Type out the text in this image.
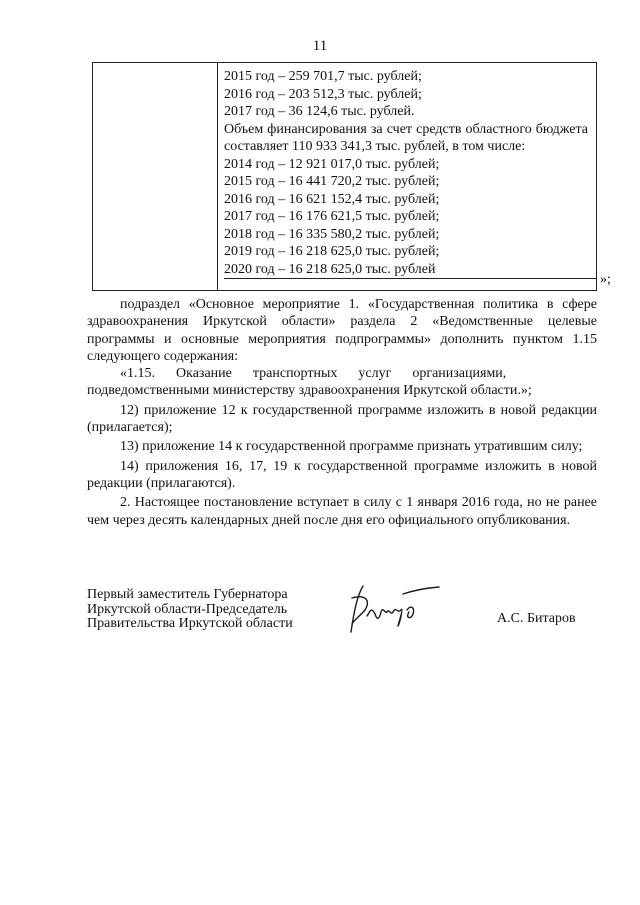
11

2015 год – 259 701,7 тыс. рублей;

2016 год – 203 512,3 тыс. рублей;

2017 год – 36 124,6 тыс. рублей.

Объем финансирования за счет средств областного бюджета составляет 110 933 341,3 тыс. рублей, в том числе:

2014 год – 12 921 017,0 тыс. рублей;

2015 год – 16 441 720,2 тыс. рублей;

2016 год – 16 621 152,4 тыс. рублей;

2017 год – 16 176 621,5 тыс. рублей;

2018 год – 16 335 580,2 тыс. рублей;

2019 год – 16 218 625,0 тыс. рублей;

2020 год – 16 218 625,0 тыс. рублей

»;

подраздел «Основное мероприятие 1. «Государственная политика в сфере здравоохранения Иркутской области» раздела 2 «Ведомственные целевые программы и основные мероприятия подпрограммы» дополнить пунктом 1.15 следующего содержания:

«1.15.      Оказание      транспортных      услуг      организациями,

подведомственными министерству здравоохранения Иркутской области.»;

12) приложение 12 к государственной программе изложить в новой редакции (прилагается);

13) приложение 14 к государственной программе признать утратившим силу;

14) приложения 16, 17, 19 к государственной программе изложить в новой редакции (прилагаются).

2. Настоящее постановление вступает в силу с 1 января 2016 года, но не ранее чем через десять календарных дней после дня его официального опубликования.

Первый заместитель Губернатора
Иркутской области-Председатель
Правительства Иркутской области	А.С. Битаров
